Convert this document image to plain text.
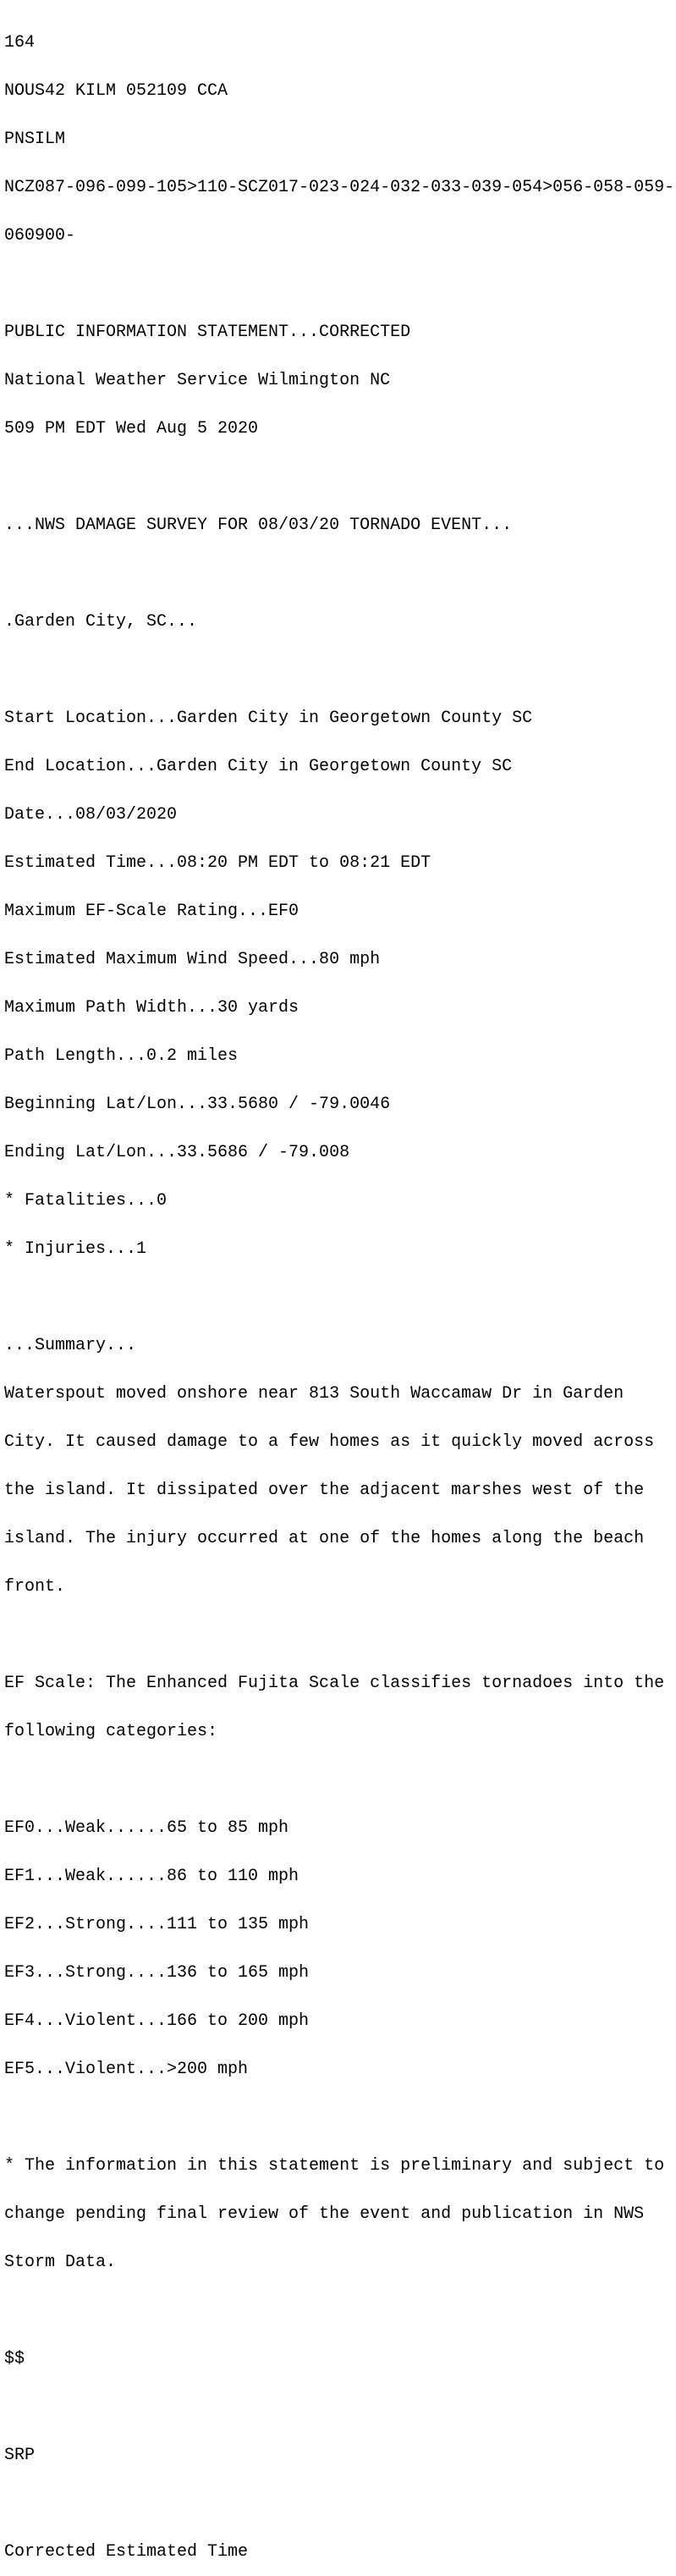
164

NOUS42 KILM 052109 CCA

PNSILM

NCZ087-096-099-105>110-SCZ017-023-024-032-033-039-054>056-058-059-

060900-

PUBLIC INFORMATION STATEMENT...CORRECTED

National Weather Service Wilmington NC

509 PM EDT Wed Aug 5 2020

...NWS DAMAGE SURVEY FOR 08/03/20 TORNADO EVENT...

.Garden City, SC...

Start Location...Garden City in Georgetown County SC

End Location...Garden City in Georgetown County SC

Date...08/03/2020

Estimated Time...08:20 PM EDT to 08:21 EDT

Maximum EF-Scale Rating...EF0

Estimated Maximum Wind Speed...80 mph

Maximum Path Width...30 yards

Path Length...0.2 miles

Beginning Lat/Lon...33.5680 / -79.0046

Ending Lat/Lon...33.5686 / -79.008

* Fatalities...0

* Injuries...1

...Summary...

Waterspout moved onshore near 813 South Waccamaw Dr in Garden

City. It caused damage to a few homes as it quickly moved across

the island. It dissipated over the adjacent marshes west of the

island. The injury occurred at one of the homes along the beach

front.

EF Scale: The Enhanced Fujita Scale classifies tornadoes into the

following categories:

EF0...Weak......65 to 85 mph

EF1...Weak......86 to 110 mph

EF2...Strong....111 to 135 mph

EF3...Strong....136 to 165 mph

EF4...Violent...166 to 200 mph

EF5...Violent...>200 mph

* The information in this statement is preliminary and subject to

change pending final review of the event and publication in NWS

Storm Data.

$$

SRP

Corrected Estimated Time
